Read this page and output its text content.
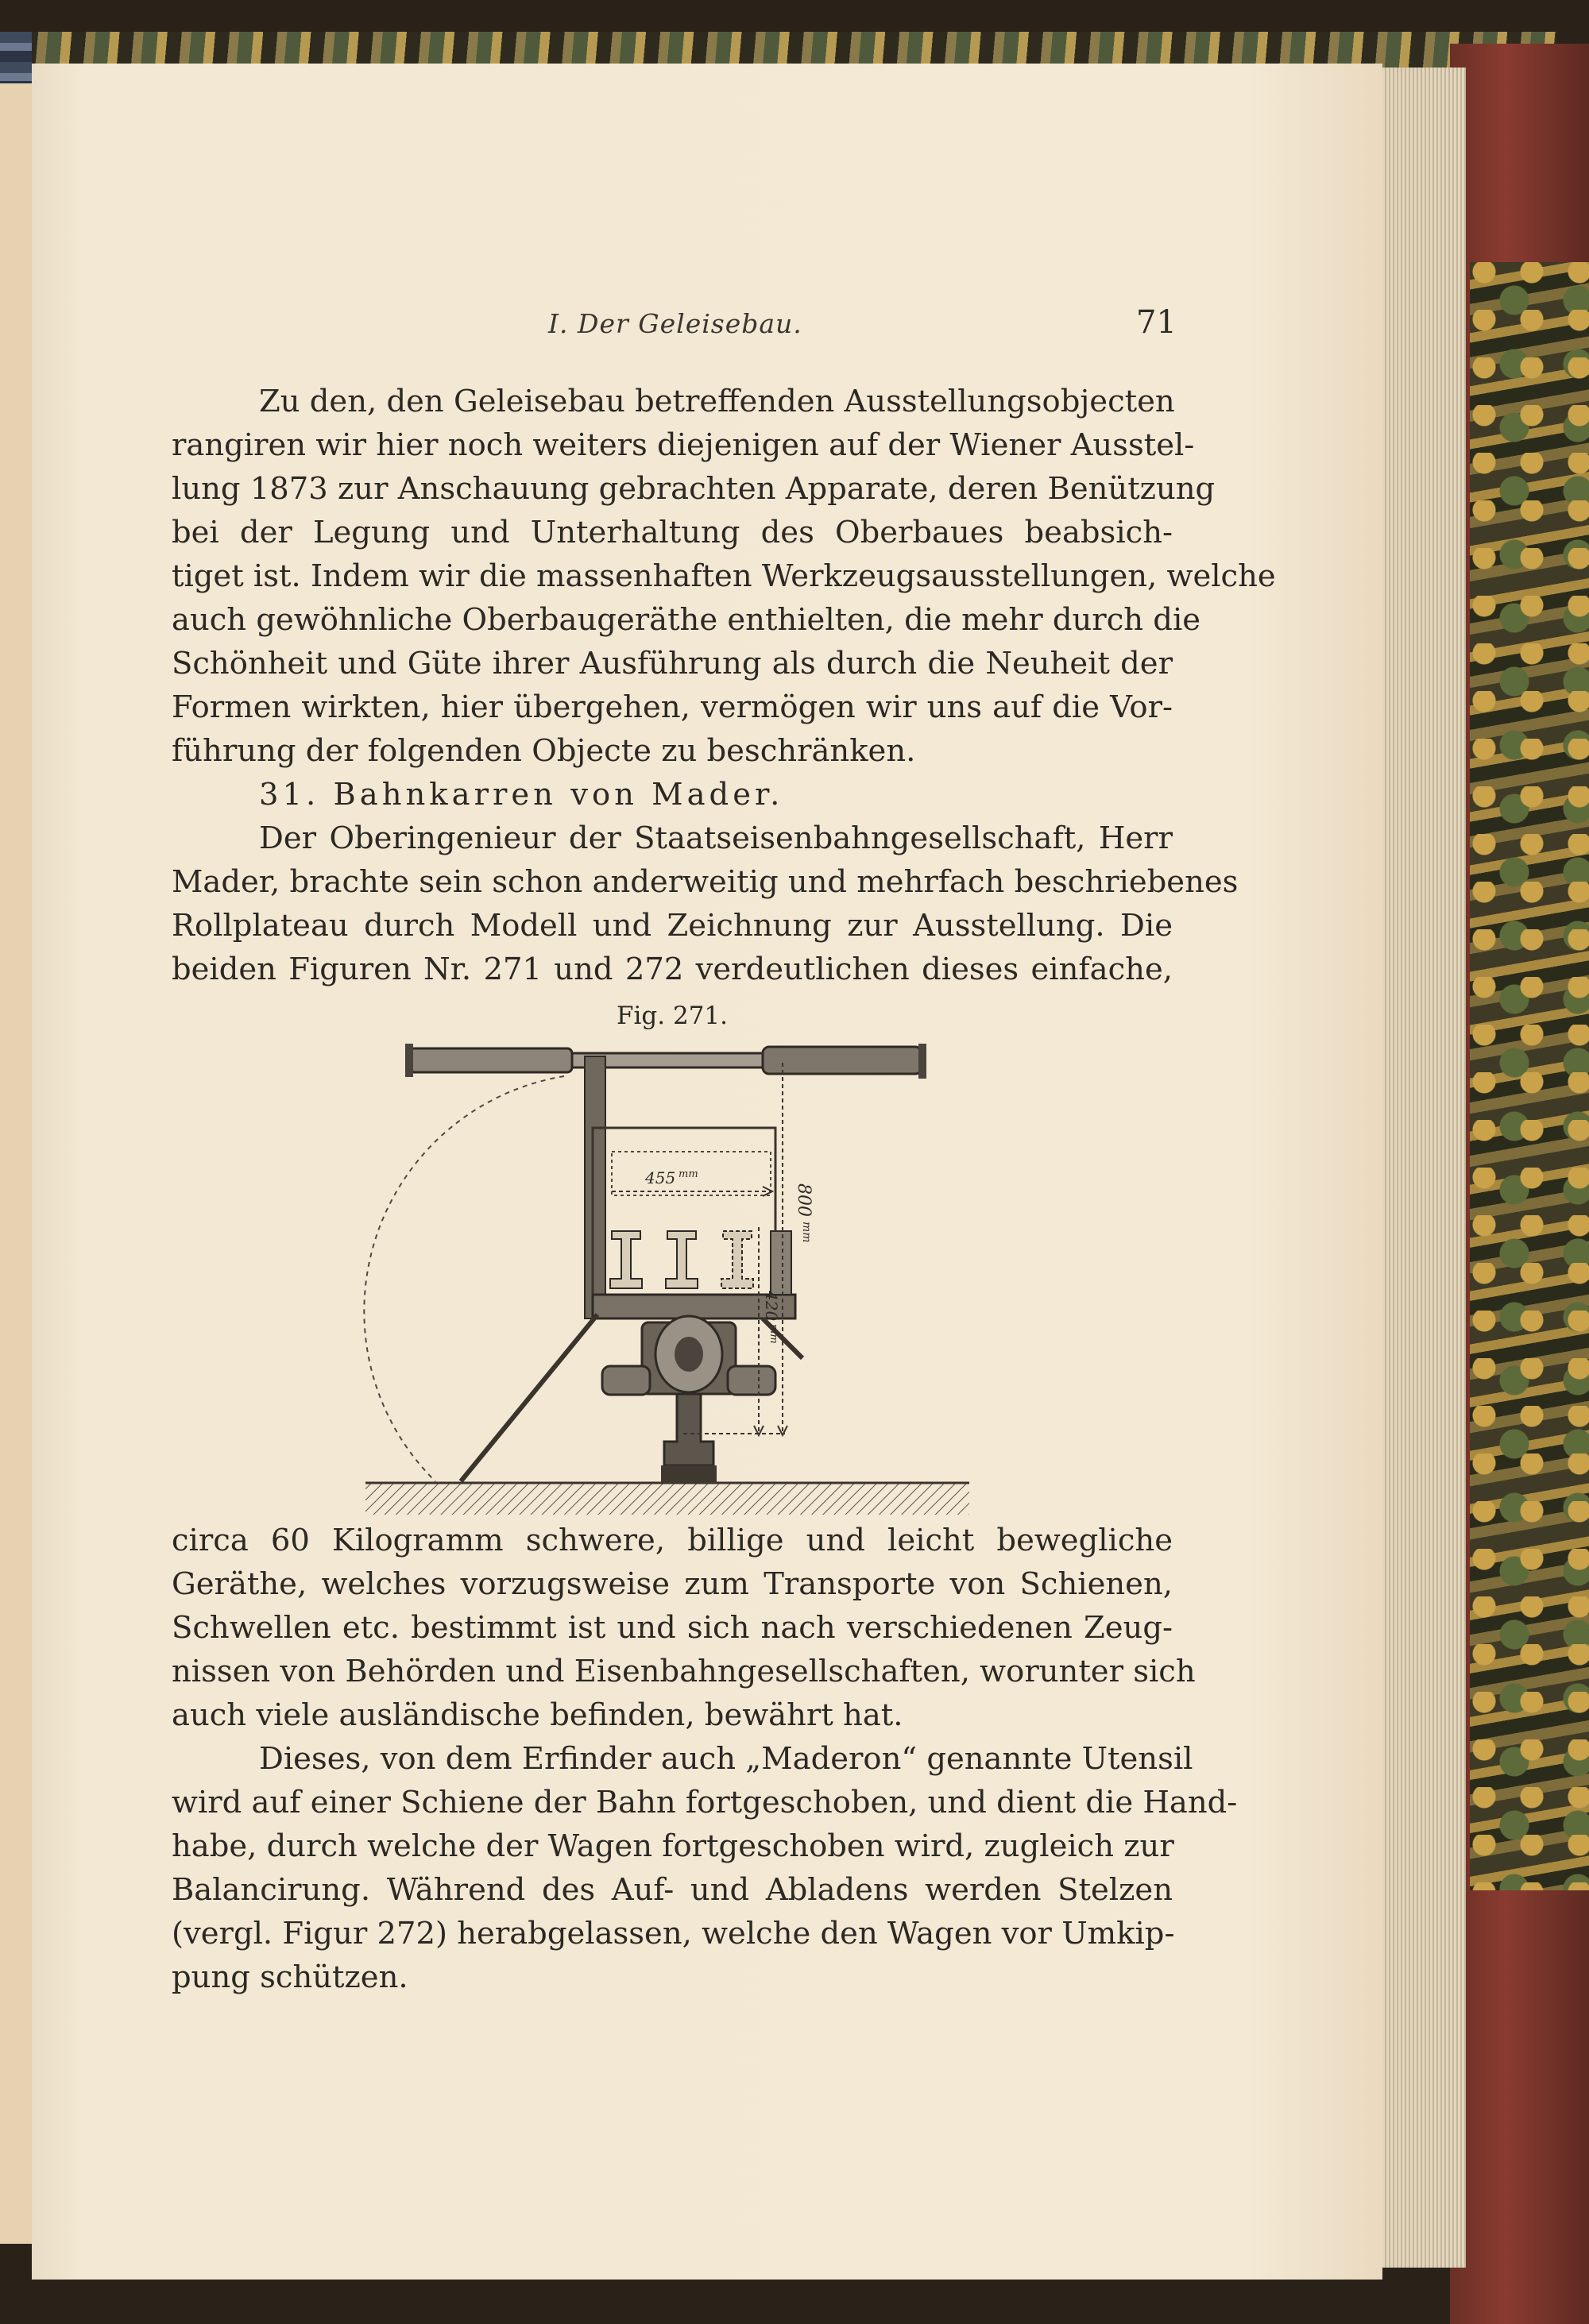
I. Der Geleisebau.	71
Zu den, den Geleisebau betreffenden Ausstellungsobjecten
rangiren wir hier noch weiters diejenigen auf der Wiener Ausstel-
lung 1873 zur Anschauung gebrachten Apparate, deren Benützung
bei der Legung und Unterhaltung des Oberbaues beabsich-
tiget ist. Indem wir die massenhaften Werkzeugsausstellungen, welche
auch gewöhnliche Oberbaugeräthe enthielten, die mehr durch die
Schönheit und Güte ihrer Ausführung als durch die Neuheit der
Formen wirkten, hier übergehen, vermögen wir uns auf die Vor-
führung der folgenden Objecte zu beschränken.
31. Bahnkarren von Mader.
Der Oberingenieur der Staatseisenbahngesellschaft, Herr
Mader, brachte sein schon anderweitig und mehrfach beschriebenes
Rollplateau durch Modell und Zeichnung zur Ausstellung. Die
beiden Figuren Nr. 271 und 272 verdeutlichen dieses einfache,
Fig. 271.
455 mm
800
mm
420
mm
circa 60 Kilogramm schwere, billige und leicht bewegliche
Geräthe, welches vorzugsweise zum Transporte von Schienen,
Schwellen etc. bestimmt ist und sich nach verschiedenen Zeug-
nissen von Behörden und Eisenbahngesellschaften, worunter sich
auch viele ausländische befinden, bewährt hat.
Dieses, von dem Erfinder auch „Maderon“ genannte Utensil
wird auf einer Schiene der Bahn fortgeschoben, und dient die Hand-
habe, durch welche der Wagen fortgeschoben wird, zugleich zur
Balancirung. Während des Auf- und Abladens werden Stelzen
(vergl. Figur 272) herabgelassen, welche den Wagen vor Umkip-
pung schützen.
